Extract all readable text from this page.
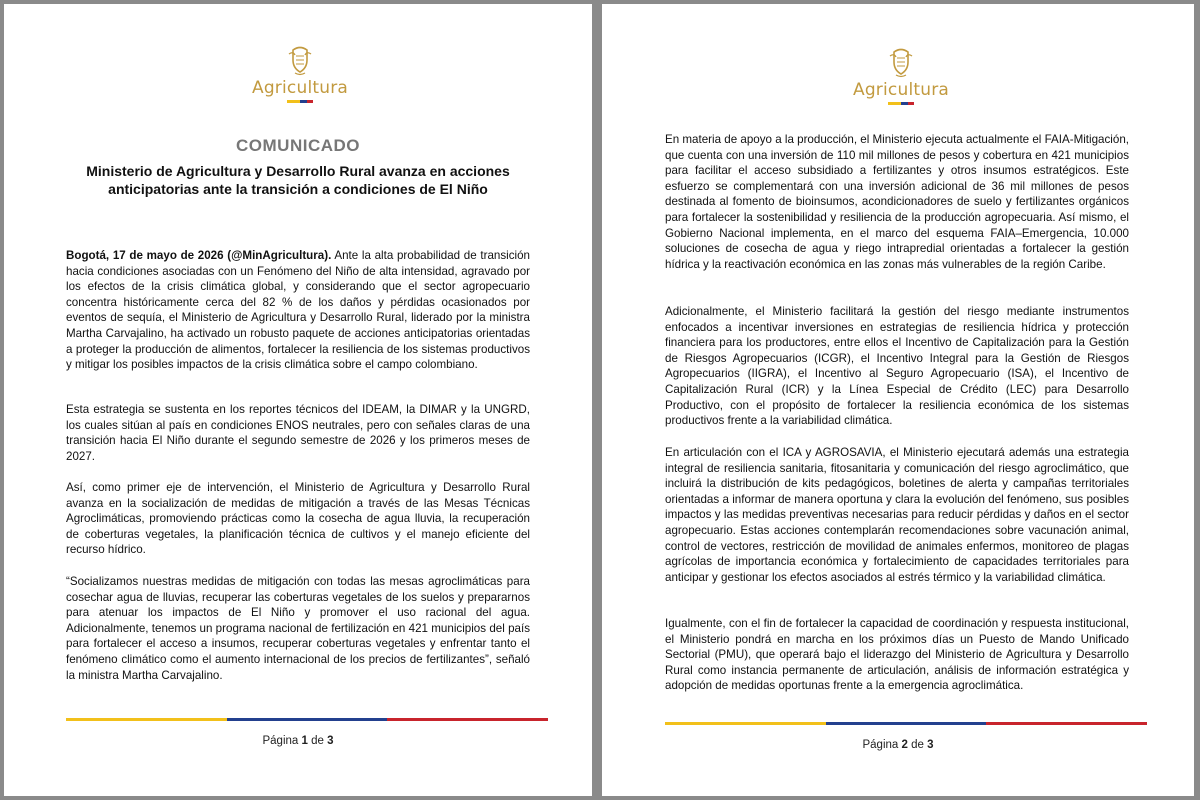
Agricultura
COMUNICADO
Ministerio de Agricultura y Desarrollo Rural avanza en acciones anticipatorias ante la transición a condiciones de El Niño

Bogotá, 17 de mayo de 2026 (@MinAgricultura). Ante la alta probabilidad de transición hacia condiciones asociadas con un Fenómeno del Niño de alta intensidad, agravado por los efectos de la crisis climática global, y considerando que el sector agropecuario concentra históricamente cerca del 82 % de los daños y pérdidas ocasionados por eventos de sequía, el Ministerio de Agricultura y Desarrollo Rural, liderado por la ministra Martha Carvajalino, ha activado un robusto paquete de acciones anticipatorias orientadas a proteger la producción de alimentos, fortalecer la resiliencia de los sistemas productivos y mitigar los posibles impactos de la crisis climática sobre el campo colombiano.

Esta estrategia se sustenta en los reportes técnicos del IDEAM, la DIMAR y la UNGRD, los cuales sitúan al país en condiciones ENOS neutrales, pero con señales claras de una transición hacia El Niño durante el segundo semestre de 2026 y los primeros meses de 2027.

Así, como primer eje de intervención, el Ministerio de Agricultura y Desarrollo Rural avanza en la socialización de medidas de mitigación a través de las Mesas Técnicas Agroclimáticas, promoviendo prácticas como la cosecha de agua lluvia, la recuperación de coberturas vegetales, la planificación técnica de cultivos y el manejo eficiente del recurso hídrico.

“Socializamos nuestras medidas de mitigación con todas las mesas agroclimáticas para cosechar agua de lluvias, recuperar las coberturas vegetales de los suelos y prepararnos para atenuar los impactos de El Niño y promover el uso racional del agua. Adicionalmente, tenemos un programa nacional de fertilización en 421 municipios del país para fortalecer el acceso a insumos, recuperar coberturas vegetales y enfrentar tanto el fenómeno climático como el aumento internacional de los precios de fertilizantes”, señaló la ministra Martha Carvajalino.

Página 1 de 3
Agricultura

En materia de apoyo a la producción, el Ministerio ejecuta actualmente el FAIA-Mitigación, que cuenta con una inversión de 110 mil millones de pesos y cobertura en 421 municipios para facilitar el acceso subsidiado a fertilizantes y otros insumos estratégicos. Este esfuerzo se complementará con una inversión adicional de 36 mil millones de pesos destinada al fomento de bioinsumos, acondicionadores de suelo y fertilizantes orgánicos para fortalecer la sostenibilidad y resiliencia de la producción agropecuaria. Así mismo, el Gobierno Nacional implementa, en el marco del esquema FAIA–Emergencia, 10.000 soluciones de cosecha de agua y riego intrapredial orientadas a fortalecer la gestión hídrica y la reactivación económica en las zonas más vulnerables de la región Caribe.

Adicionalmente, el Ministerio facilitará la gestión del riesgo mediante instrumentos enfocados a incentivar inversiones en estrategias de resiliencia hídrica y protección financiera para los productores, entre ellos el Incentivo de Capitalización para la Gestión de Riesgos Agropecuarios (ICGR), el Incentivo Integral para la Gestión de Riesgos Agropecuarios (IIGRA), el Incentivo al Seguro Agropecuario (ISA), el Incentivo de Capitalización Rural (ICR) y la Línea Especial de Crédito (LEC) para Desarrollo Productivo, con el propósito de fortalecer la resiliencia económica de los sistemas productivos frente a la variabilidad climática.

En articulación con el ICA y AGROSAVIA, el Ministerio ejecutará además una estrategia integral de resiliencia sanitaria, fitosanitaria y comunicación del riesgo agroclimático, que incluirá la distribución de kits pedagógicos, boletines de alerta y campañas territoriales orientadas a informar de manera oportuna y clara la evolución del fenómeno, sus posibles impactos y las medidas preventivas necesarias para reducir pérdidas y daños en el sector agropecuario. Estas acciones contemplarán recomendaciones sobre vacunación animal, control de vectores, restricción de movilidad de animales enfermos, monitoreo de plagas agrícolas de importancia económica y fortalecimiento de capacidades territoriales para anticipar y gestionar los efectos asociados al estrés térmico y la variabilidad climática.

Igualmente, con el fin de fortalecer la capacidad de coordinación y respuesta institucional, el Ministerio pondrá en marcha en los próximos días un Puesto de Mando Unificado Sectorial (PMU), que operará bajo el liderazgo del Ministerio de Agricultura y Desarrollo Rural como instancia permanente de articulación, análisis de información estratégica y adopción de medidas oportunas frente a la emergencia agroclimática.

Página 2 de 3
